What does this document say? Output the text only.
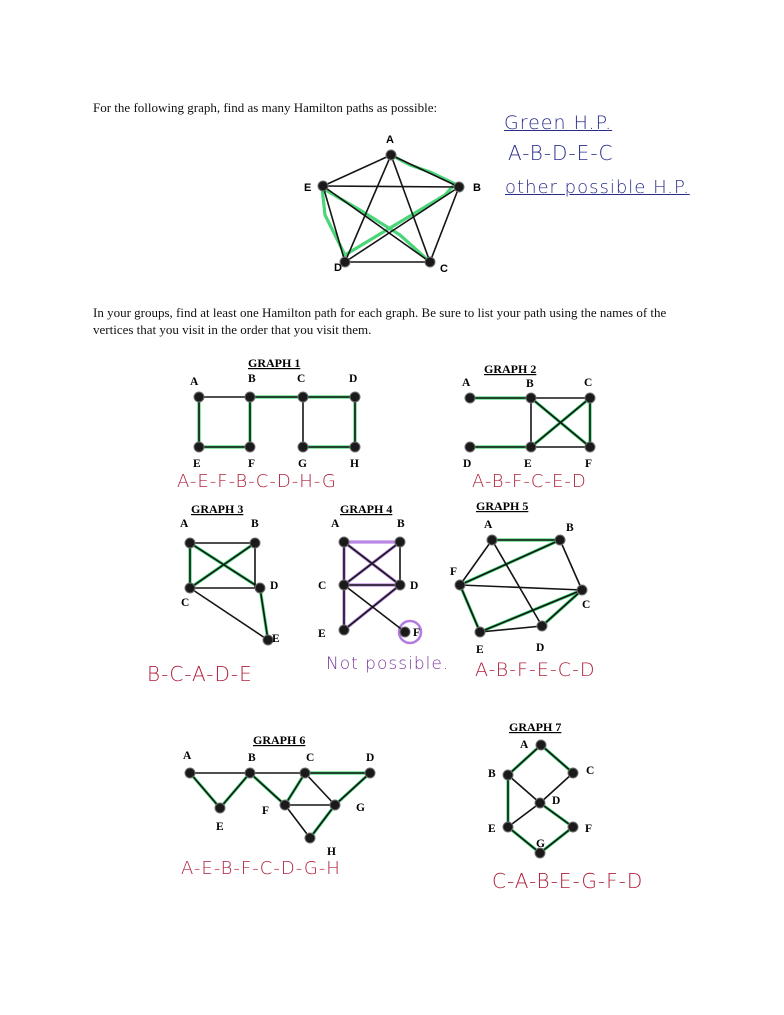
For the following graph, find as many Hamilton paths as possible:
In your groups, find at least one Hamilton path for each graph. Be sure to list your path using the names of the vertices that you visit in the order that you visit them.
Green H.P.
A-B-D-E-C
other possible H.P.
A
B
C
D
E
GRAPH 1
A	B	C	D
E	F	G	H
GRAPH 2
A	B	C
D	E	F
GRAPH 3
A	B
C
D
E
GRAPH 4
A	B
C	D
E	F
GRAPH 5
A	B
C
D
E
F
GRAPH 6
A	B	C	D
E
F	G
H
GRAPH 7
A
B	C
D
E	F
G
A-E-F-B-C-D-H-G	A-B-F-C-E-D
B-C-A-D-E	Not possible. A-B-F-E-C-D
A-E-B-F-C-D-G-H
C-A-B-E-G-F-D
